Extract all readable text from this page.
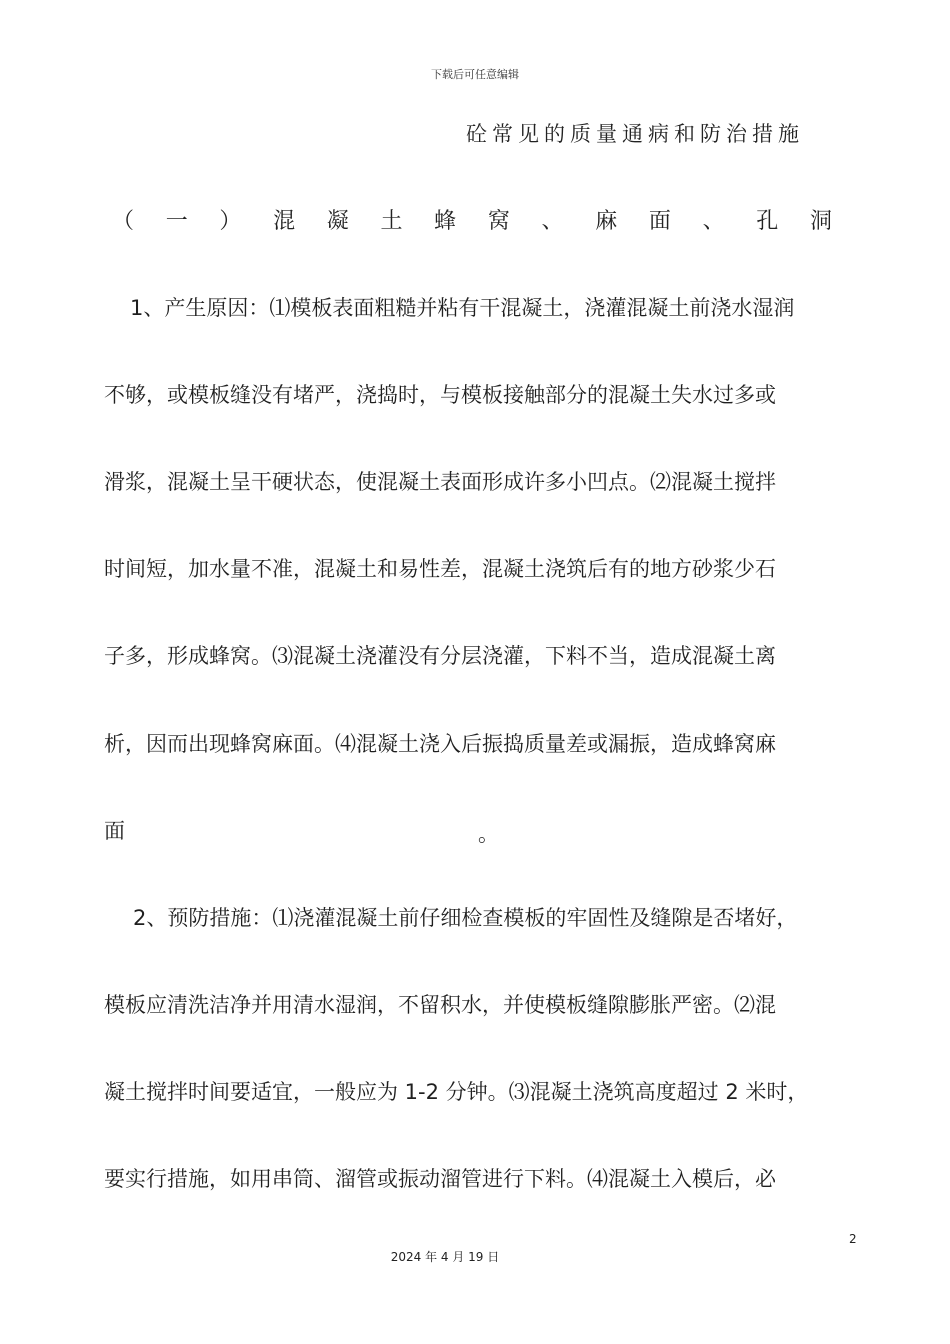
下载后可任意编辑
砼常见的质量通病和防治措施
（ 一 ） 混 凝 土 蜂 窝 、 麻 面 、 孔 洞
1、产生原因：⑴模板表面粗糙并粘有干混凝土，浇灌混凝土前浇水湿润
不够，或模板缝没有堵严，浇捣时，与模板接触部分的混凝土失水过多或
滑浆，混凝土呈干硬状态，使混凝土表面形成许多小凹点。⑵混凝土搅拌
时间短，加水量不准，混凝土和易性差，混凝土浇筑后有的地方砂浆少石
子多，形成蜂窝。⑶混凝土浇灌没有分层浇灌，下料不当，造成混凝土离
析，因而出现蜂窝麻面。⑷混凝土浇入后振捣质量差或漏振，造成蜂窝麻
面	。
2、预防措施：⑴浇灌混凝土前仔细检查模板的牢固性及缝隙是否堵好，
模板应清洗洁净并用清水湿润，不留积水，并使模板缝隙膨胀严密。⑵混
凝土搅拌时间要适宜，一般应为 1-2 分钟。⑶混凝土浇筑高度超过 2 米时，
要实行措施，如用串筒、溜管或振动溜管进行下料。⑷混凝土入模后，必
2
2024 年 4 月 19 日
